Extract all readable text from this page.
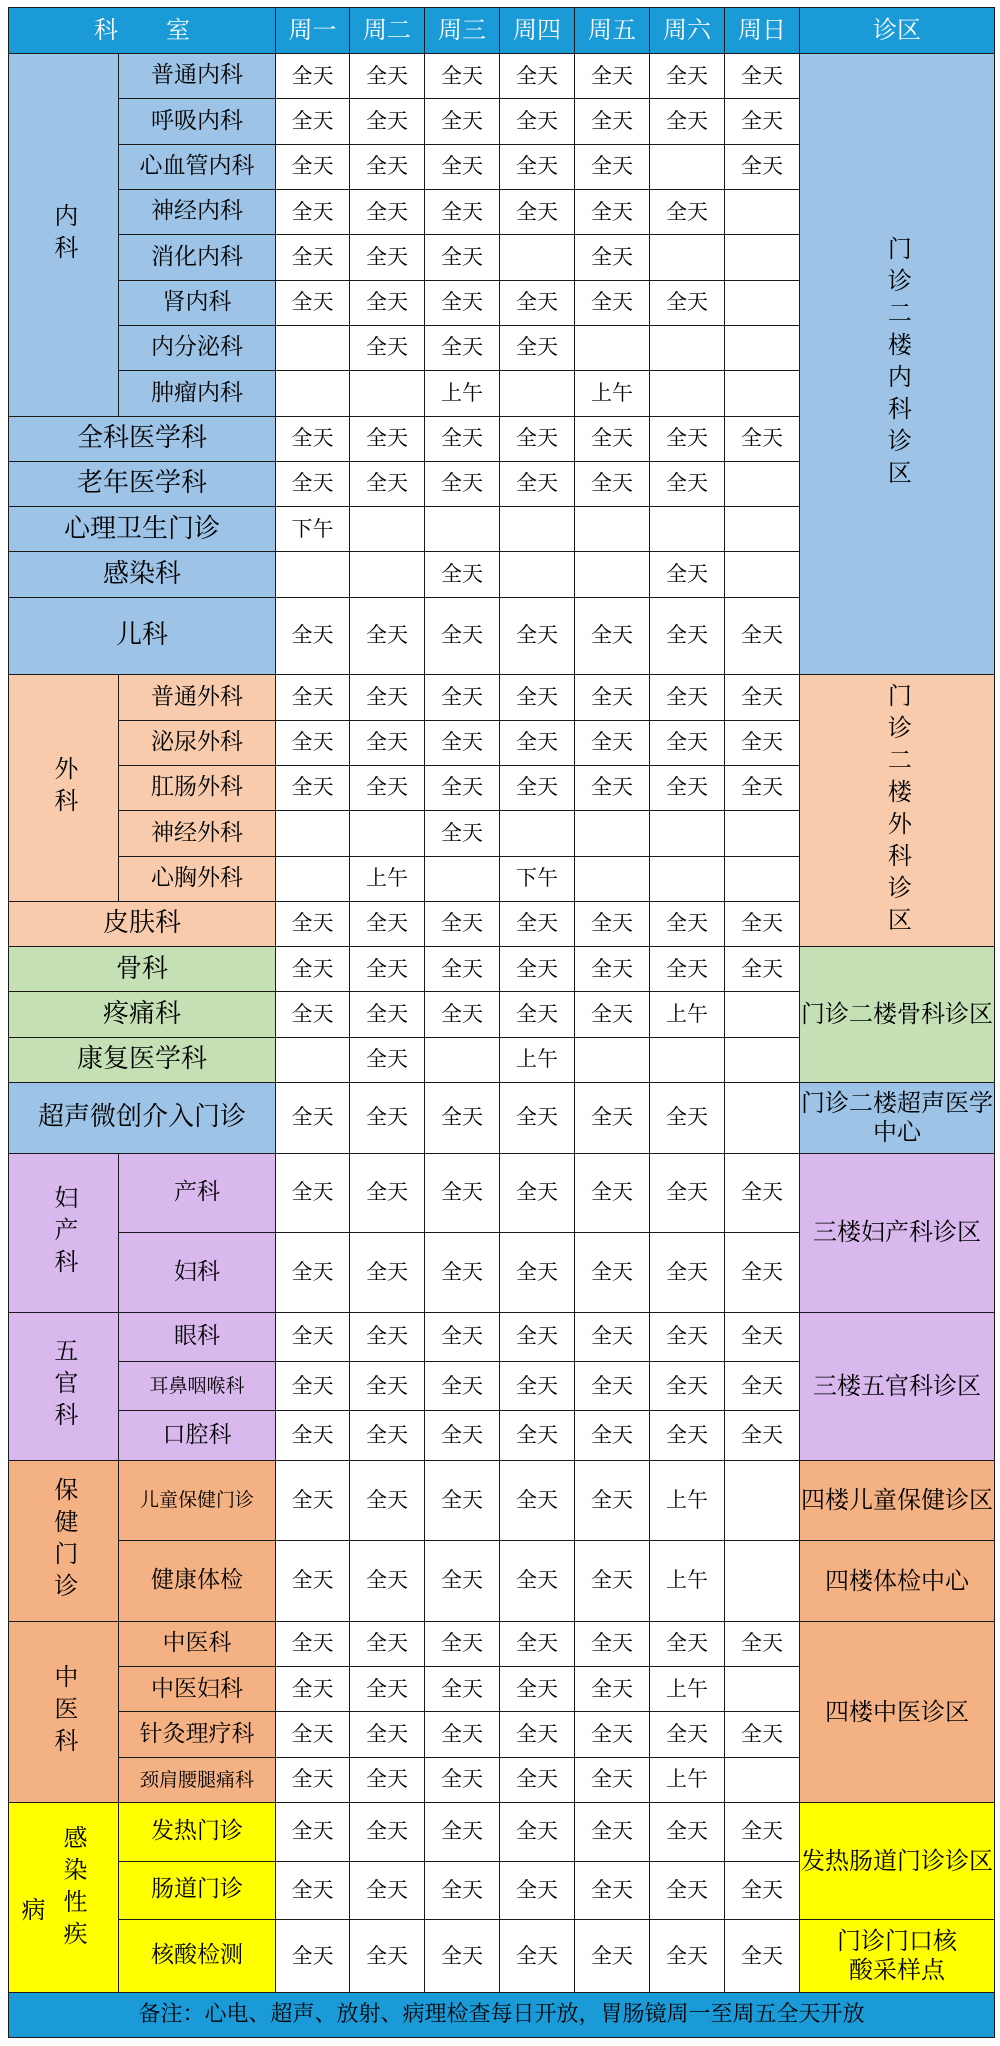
科　　室		周一	周二	周三	周四	周五	周六	周日	诊区
内科	普通内科	全天	全天	全天	全天	全天	全天	全天	门诊二楼内科诊区
	呼吸内科	全天	全天	全天	全天	全天	全天	全天	
	心血管内科	全天	全天	全天	全天	全天		全天	
	神经内科	全天	全天	全天	全天	全天	全天		
	消化内科	全天	全天	全天		全天			
	肾内科	全天	全天	全天	全天	全天	全天		
	内分泌科		全天	全天	全天				
	肿瘤内科			上午		上午			
全科医学科		全天	全天	全天	全天	全天	全天	全天	
老年医学科		全天	全天	全天	全天	全天	全天		
心理卫生门诊		下午							
感染科				全天			全天		
儿科		全天	全天	全天	全天	全天	全天	全天	
外科	普通外科	全天	全天	全天	全天	全天	全天	全天	门诊二楼外科诊区
	泌尿外科	全天	全天	全天	全天	全天	全天	全天	
	肛肠外科	全天	全天	全天	全天	全天	全天	全天	
	神经外科			全天					
	心胸外科		上午		下午				
皮肤科		全天	全天	全天	全天	全天	全天	全天	
骨科		全天	全天	全天	全天	全天	全天	全天	门诊二楼骨科诊区
疼痛科		全天	全天	全天	全天	全天	上午		
康复医学科			全天		上午				
超声微创介入门诊		全天	全天	全天	全天	全天	全天		门诊二楼超声医学中心
妇产科	产科	全天	全天	全天	全天	全天	全天	全天	三楼妇产科诊区
	妇科	全天	全天	全天	全天	全天	全天	全天	
五官科	眼科	全天	全天	全天	全天	全天	全天	全天	三楼五官科诊区
	耳鼻咽喉科	全天	全天	全天	全天	全天	全天	全天	
	口腔科	全天	全天	全天	全天	全天	全天	全天	
保健门诊	儿童保健门诊	全天	全天	全天	全天	全天	上午		四楼儿童保健诊区
	健康体检	全天	全天	全天	全天	全天	上午		四楼体检中心
中医科	中医科	全天	全天	全天	全天	全天	全天	全天	四楼中医诊区
	中医妇科	全天	全天	全天	全天	全天	上午		
	针灸理疗科	全天	全天	全天	全天	全天	全天	全天	
	颈肩腰腿痛科	全天	全天	全天	全天	全天	上午		

病 感染性疾	发热门诊	全天	全天	全天	全天	全天	全天	全天	发热肠道门诊诊区
	肠道门诊	全天	全天	全天	全天	全天	全天	全天	
	核酸检测	全天	全天	全天	全天	全天	全天	全天	门诊门口核酸采样点
备注：心电、超声、放射、病理检查每日开放，胃肠镜周一至周五全天开放									
